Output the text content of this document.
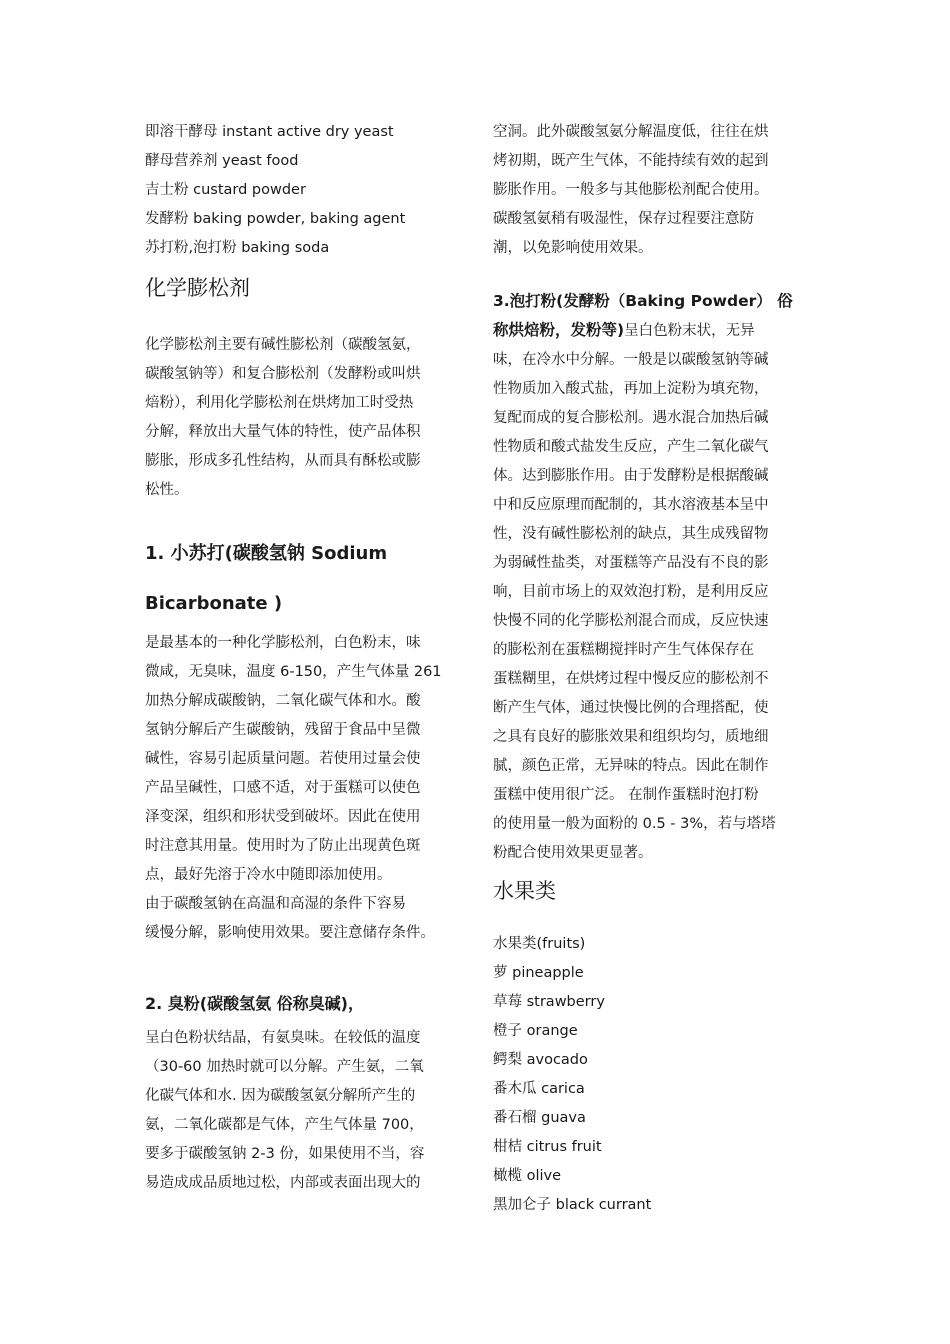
即溶干酵母 instant active dry yeast
酵母营养剂 yeast food
吉士粉 custard powder
发酵粉 baking powder, baking agent
苏打粉,泡打粉 baking soda
化学膨松剂
化学膨松剂主要有碱性膨松剂（碳酸氢氨，
碳酸氢钠等）和复合膨松剂（发酵粉或叫烘
焙粉），利用化学膨松剂在烘烤加工时受热
分解，释放出大量气体的特性，使产品体积
膨胀，形成多孔性结构，从而具有酥松或膨
松性。
1. 小苏打(碳酸氢钠 Sodium
Bicarbonate )
是最基本的一种化学膨松剂，白色粉末，味
微咸，无臭味，温度 6-150，产生气体量 261
加热分解成碳酸钠，二氧化碳气体和水。酸
氢钠分解后产生碳酸钠，残留于食品中呈微
碱性，容易引起质量问题。若使用过量会使
产品呈碱性，口感不适，对于蛋糕可以使色
泽变深，组织和形状受到破坏。因此在使用
时注意其用量。使用时为了防止出现黄色斑
点，最好先溶于冷水中随即添加使用。
由于碳酸氢钠在高温和高湿的条件下容易
缓慢分解，影响使用效果。要注意储存条件。
2. 臭粉(碳酸氢氨 俗称臭碱)，
呈白色粉状结晶，有氨臭味。在较低的温度
（30-60 加热时就可以分解。产生氨，二氧
化碳气体和水. 因为碳酸氢氨分解所产生的
氨，二氧化碳都是气体，产生气体量 700，
要多于碳酸氢钠 2-3 份，如果使用不当，容
易造成成品质地过松，内部或表面出现大的
空洞。此外碳酸氢氨分解温度低，往往在烘
烤初期，既产生气体，不能持续有效的起到
膨胀作用。一般多与其他膨松剂配合使用。
碳酸氢氨稍有吸湿性，保存过程要注意防
潮，以免影响使用效果。
3.泡打粉(发酵粉（Baking Powder） 俗
称烘焙粉，发粉等)呈白色粉末状，无异
味，在冷水中分解。一般是以碳酸氢钠等碱
性物质加入酸式盐，再加上淀粉为填充物，
复配而成的复合膨松剂。遇水混合加热后碱
性物质和酸式盐发生反应，产生二氧化碳气
体。达到膨胀作用。由于发酵粉是根据酸碱
中和反应原理而配制的，其水溶液基本呈中
性，没有碱性膨松剂的缺点，其生成残留物
为弱碱性盐类，对蛋糕等产品没有不良的影
响，目前市场上的双效泡打粉，是利用反应
快慢不同的化学膨松剂混合而成，反应快速
的膨松剂在蛋糕糊搅拌时产生气体保存在
蛋糕糊里，在烘烤过程中慢反应的膨松剂不
断产生气体，通过快慢比例的合理搭配，使
之具有良好的膨胀效果和组织均匀，质地细
腻，颜色正常，无异味的特点。因此在制作
蛋糕中使用很广泛。 在制作蛋糕时泡打粉
的使用量一般为面粉的 0.5 - 3%，若与塔塔
粉配合使用效果更显著。
水果类
水果类(fruits)
萝 pineapple
草莓 strawberry
橙子 orange
鳄梨 avocado
番木瓜 carica
番石榴 guava
柑桔 citrus fruit
橄榄 olive
黑加仑子 black currant
